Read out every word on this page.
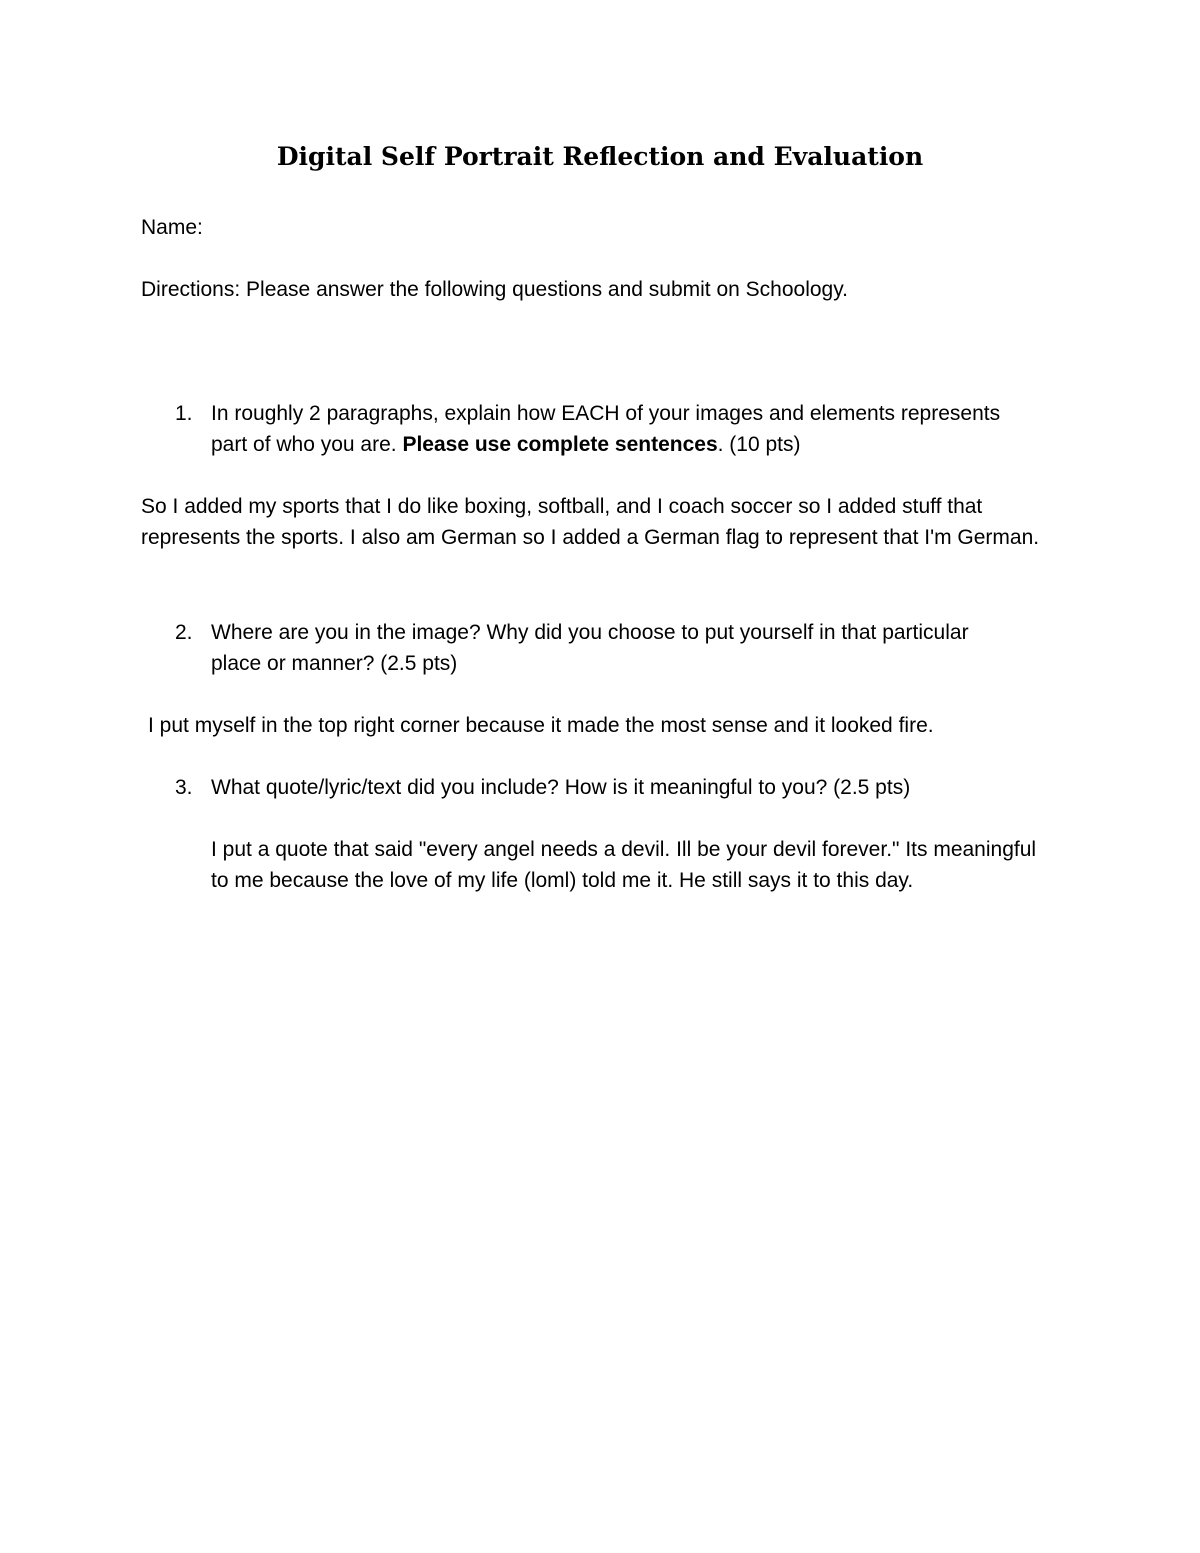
Digital Self Portrait Reflection and Evaluation

Name:

Directions: Please answer the following questions and submit on Schoology.

1. In roughly 2 paragraphs, explain how EACH of your images and elements represents part of who you are. Please use complete sentences. (10 pts)

So I added my sports that I do like boxing, softball, and I coach soccer so I added stuff that represents the sports. I also am German so I added a German flag to represent that I'm German.

2. Where are you in the image? Why did you choose to put yourself in that particular place or manner? (2.5 pts)

I put myself in the top right corner because it made the most sense and it looked fire.

3. What quote/lyric/text did you include? How is it meaningful to you? (2.5 pts)

I put a quote that said "every angel needs a devil. Ill be your devil forever." Its meaningful to me because the love of my life (loml) told me it. He still says it to this day.
